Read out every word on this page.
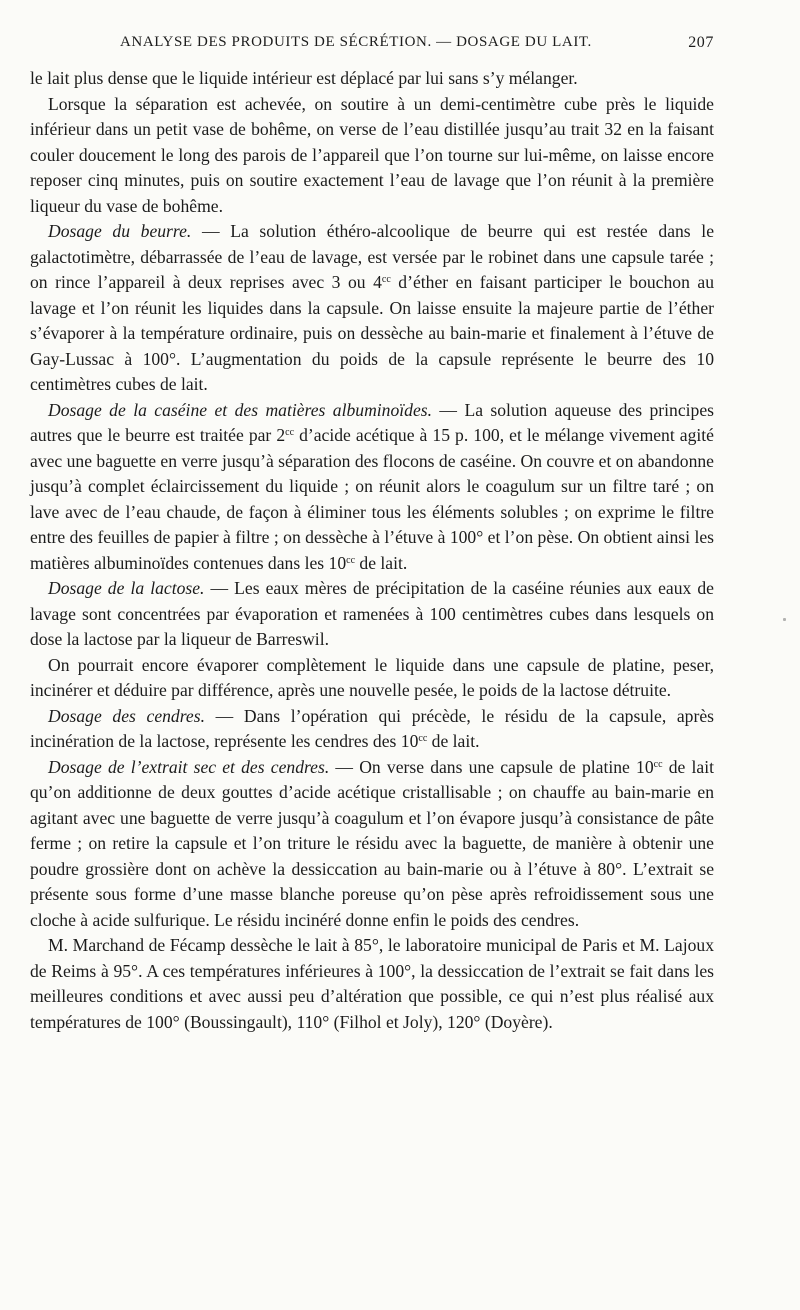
ANALYSE DES PRODUITS DE SÉCRÉTION. — DOSAGE DU LAIT.	207

le lait plus dense que le liquide intérieur est déplacé par lui sans s’y mélanger.

Lorsque la séparation est achevée, on soutire à un demi-centimètre cube près le liquide inférieur dans un petit vase de bohême, on verse de l’eau distillée jusqu’au trait 32 en la faisant couler doucement le long des parois de l’appareil que l’on tourne sur lui-même, on laisse encore reposer cinq minutes, puis on soutire exactement l’eau de lavage que l’on réunit à la première liqueur du vase de bohême.

Dosage du beurre. — La solution éthéro-alcoolique de beurre qui est restée dans le galactotimètre, débarrassée de l’eau de lavage, est versée par le robinet dans une capsule tarée ; on rince l’appareil à deux reprises avec 3 ou $4^{cc}$ d’éther en faisant participer le bouchon au lavage et l’on réunit les liquides dans la capsule. On laisse ensuite la majeure partie de l’éther s’évaporer à la température ordinaire, puis on dessèche au bain-marie et finalement à l’étuve de Gay-Lussac à 100°. L’augmentation du poids de la capsule représente le beurre des 10 centimètres cubes de lait.

Dosage de la caséine et des matières albuminoïdes. — La solution aqueuse des principes autres que le beurre est traitée par $2^{cc}$ d’acide acétique à 15 p. 100, et le mélange vivement agité avec une baguette en verre jusqu’à séparation des flocons de caséine. On couvre et on abandonne jusqu’à complet éclaircissement du liquide ; on réunit alors le coagulum sur un filtre taré ; on lave avec de l’eau chaude, de façon à éliminer tous les éléments solubles ; on exprime le filtre entre des feuilles de papier à filtre ; on dessèche à l’étuve à 100° et l’on pèse. On obtient ainsi les matières albuminoïdes contenues dans les $10^{cc}$ de lait.

Dosage de la lactose. — Les eaux mères de précipitation de la caséine réunies aux eaux de lavage sont concentrées par évaporation et ramenées à 100 centimètres cubes dans lesquels on dose la lactose par la liqueur de Barreswil.

On pourrait encore évaporer complètement le liquide dans une capsule de platine, peser, incinérer et déduire par différence, après une nouvelle pesée, le poids de la lactose détruite.

Dosage des cendres. — Dans l’opération qui précède, le résidu de la capsule, après incinération de la lactose, représente les cendres des $10^{cc}$ de lait.

Dosage de l’extrait sec et des cendres. — On verse dans une capsule de platine $10^{cc}$ de lait qu’on additionne de deux gouttes d’acide acétique cristallisable ; on chauffe au bain-marie en agitant avec une baguette de verre jusqu’à coagulum et l’on évapore jusqu’à consistance de pâte ferme ; on retire la capsule et l’on triture le résidu avec la baguette, de manière à obtenir une poudre grossière dont on achève la dessiccation au bain-marie ou à l’étuve à 80°. L’extrait se présente sous forme d’une masse blanche poreuse qu’on pèse après refroidissement sous une cloche à acide sulfurique. Le résidu incinéré donne enfin le poids des cendres.

M. Marchand de Fécamp dessèche le lait à 85°, le laboratoire municipal de Paris et M. Lajoux de Reims à 95°. A ces températures inférieures à 100°, la dessiccation de l’extrait se fait dans les meilleures conditions et avec aussi peu d’altération que possible, ce qui n’est plus réalisé aux températures de 100° (Boussingault), 110° (Filhol et Joly), 120° (Doyère).
